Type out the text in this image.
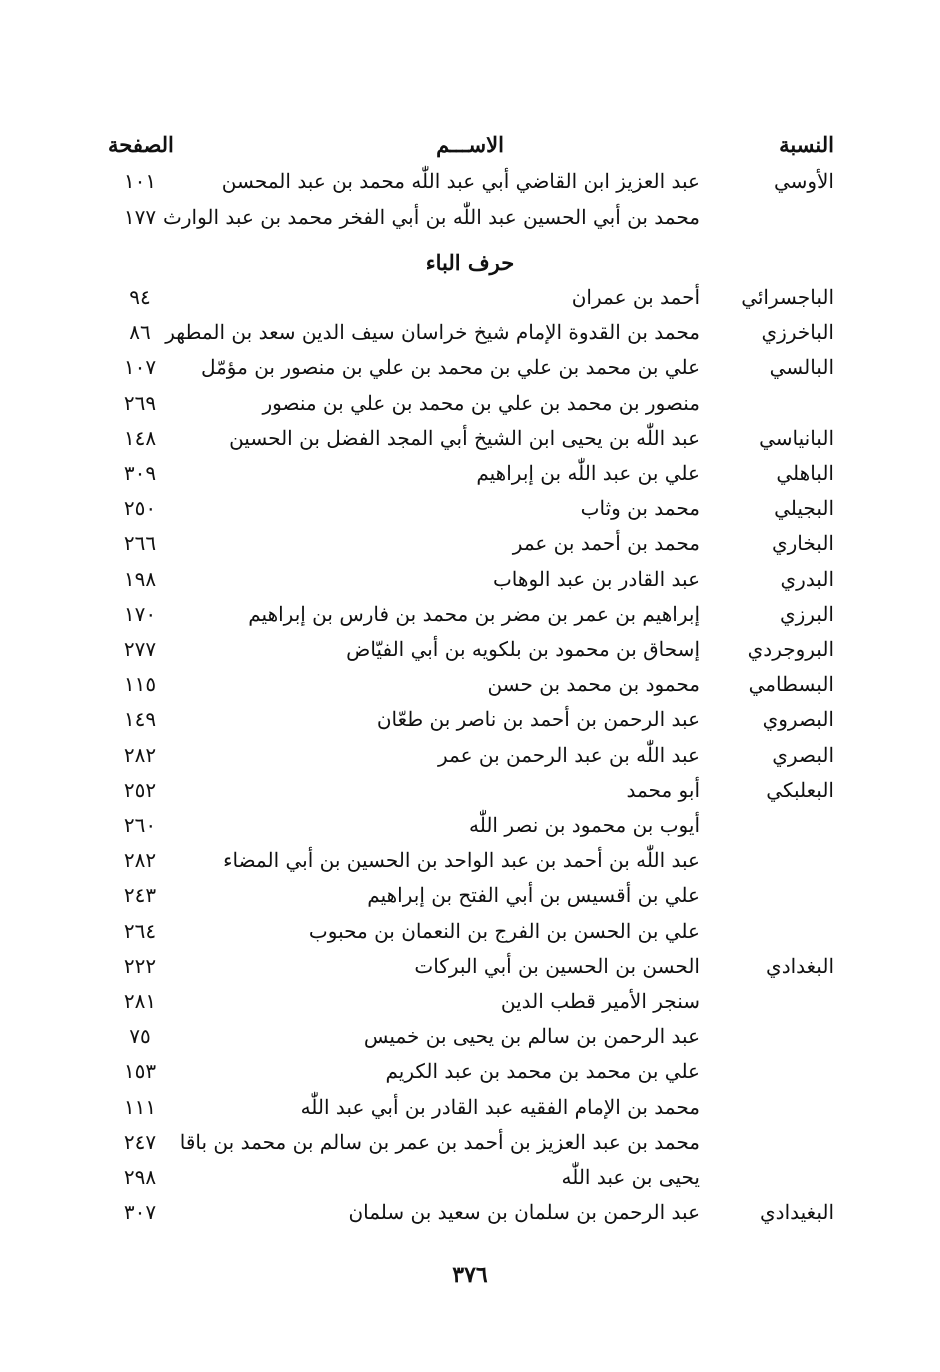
النسبة
الاســـم
الصفحة
الأوسي
عبد العزيز ابن القاضي أبي عبد اللّٰه محمد بن عبد المحسن
١٠١
محمد بن أبي الحسين عبد اللّٰه بن أبي الفخر محمد بن عبد الوارث
١٧٧
حرف الباء
الباجسرائي
أحمد بن عمران
٩٤
الباخرزي
محمد بن القدوة الإمام شيخ خراسان سيف الدين سعد بن المطهر
٨٦
البالسي
علي بن محمد بن علي بن محمد بن علي بن منصور بن مؤمّل
١٠٧
منصور بن محمد بن علي بن محمد بن علي بن منصور
٢٦٩
البانياسي
عبد اللّٰه بن يحيى ابن الشيخ أبي المجد الفضل بن الحسين
١٤٨
الباهلي
علي بن عبد اللّٰه بن إبراهيم
٣٠٩
البجيلي
محمد بن وثاب
٢٥٠
البخاري
محمد بن أحمد بن عمر
٢٦٦
البدري
عبد القادر بن عبد الوهاب
١٩٨
البرزي
إبراهيم بن عمر بن مضر بن محمد بن فارس بن إبراهيم
١٧٠
البروجردي
إسحاق بن محمود بن بلكويه بن أبي الفيّاض
٢٧٧
البسطامي
محمود بن محمد بن حسن
١١٥
البصروي
عبد الرحمن بن أحمد بن ناصر بن طعّان
١٤٩
البصري
عبد اللّٰه بن عبد الرحمن بن عمر
٢٨٢
البعلبكي
أبو محمد
٢٥٢
أيوب بن محمود بن نصر اللّٰه
٢٦٠
عبد اللّٰه بن أحمد بن عبد الواحد بن الحسين بن أبي المضاء
٢٨٢
علي بن أقسيس بن أبي الفتح بن إبراهيم
٢٤٣
علي بن الحسن بن الفرج بن النعمان بن محبوب
٢٦٤
البغدادي
الحسن بن الحسين بن أبي البركات
٢٢٢
سنجر الأمير قطب الدين
٢٨١
عبد الرحمن بن سالم بن يحيى بن خميس
٧٥
علي بن محمد بن محمد بن عبد الكريم
١٥٣
محمد بن الإمام الفقيه عبد القادر بن أبي عبد اللّٰه
١١١
محمد بن عبد العزيز بن أحمد بن عمر بن سالم بن محمد بن باقا
٢٤٧
يحيى بن عبد اللّٰه
٢٩٨
البغيدادي
عبد الرحمن بن سلمان بن سعيد بن سلمان
٣٠٧
٣٧٦
